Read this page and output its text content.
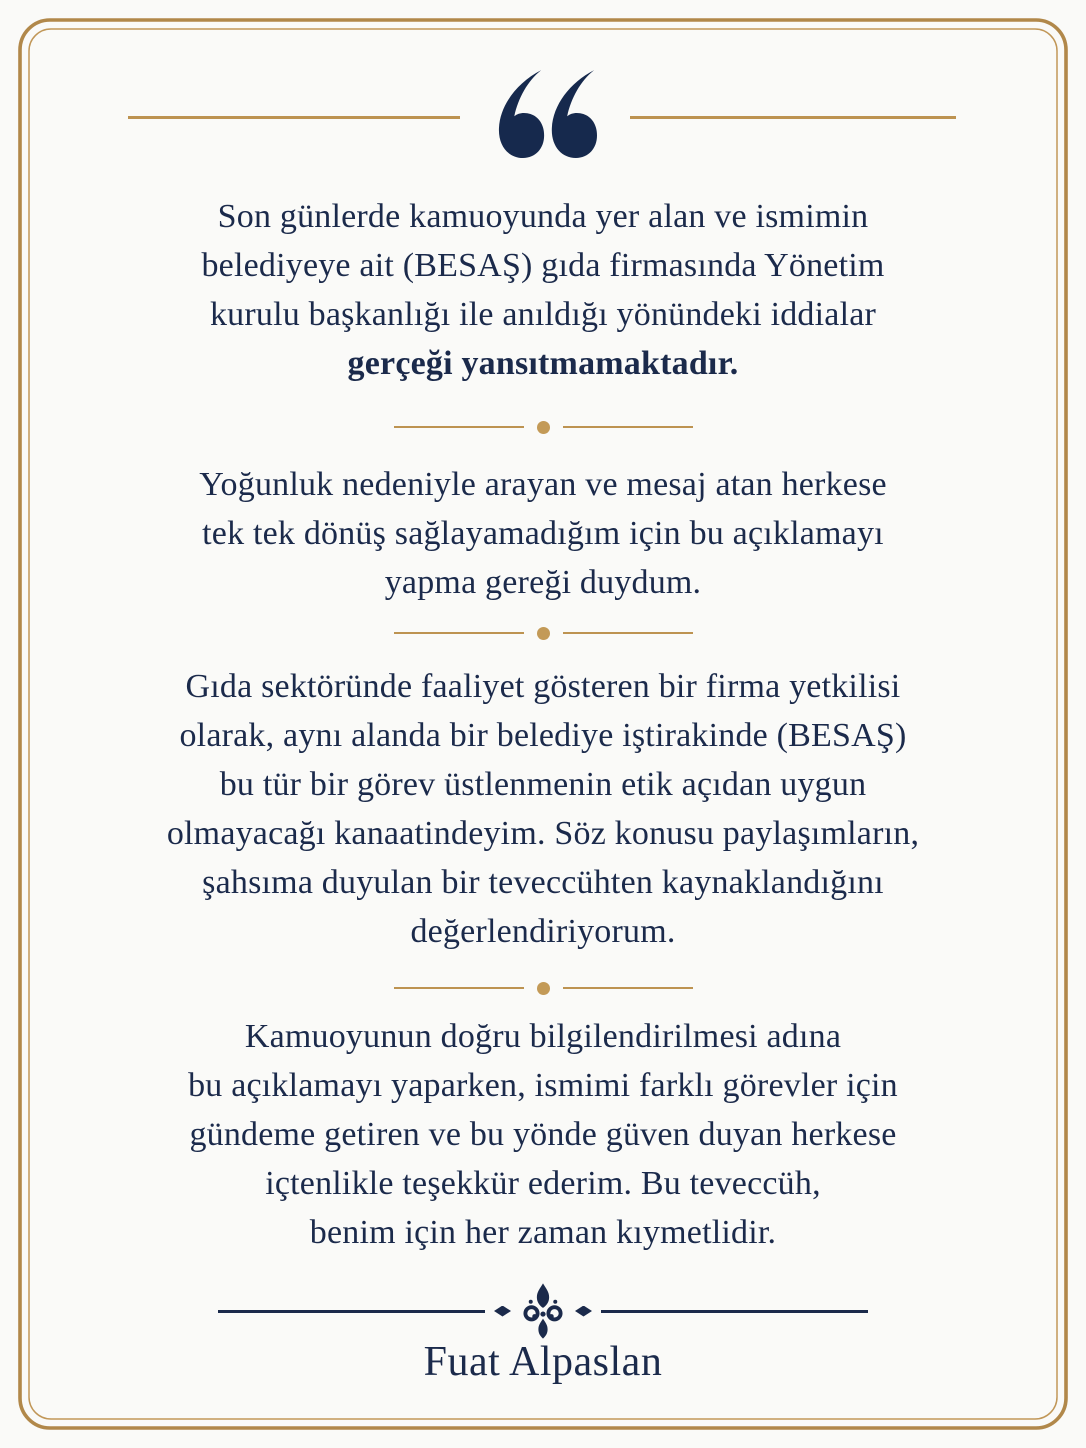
Son günlerde kamuoyunda yer alan ve ismimin
belediyeye ait (BESAŞ) gıda firmasında Yönetim
kurulu başkanlığı ile anıldığı yönündeki iddialar
gerçeği yansıtmamaktadır.
Yoğunluk nedeniyle arayan ve mesaj atan herkese
tek tek dönüş sağlayamadığım için bu açıklamayı
yapma gereği duydum.
Gıda sektöründe faaliyet gösteren bir firma yetkilisi
olarak, aynı alanda bir belediye iştirakinde (BESAŞ)
bu tür bir görev üstlenmenin etik açıdan uygun
olmayacağı kanaatindeyim. Söz konusu paylaşımların,
şahsıma duyulan bir teveccühten kaynaklandığını
değerlendiriyorum.
Kamuoyunun doğru bilgilendirilmesi adına
bu açıklamayı yaparken, ismimi farklı görevler için
gündeme getiren ve bu yönde güven duyan herkese
içtenlikle teşekkür ederim. Bu teveccüh,
benim için her zaman kıymetlidir.
Fuat Alpaslan
